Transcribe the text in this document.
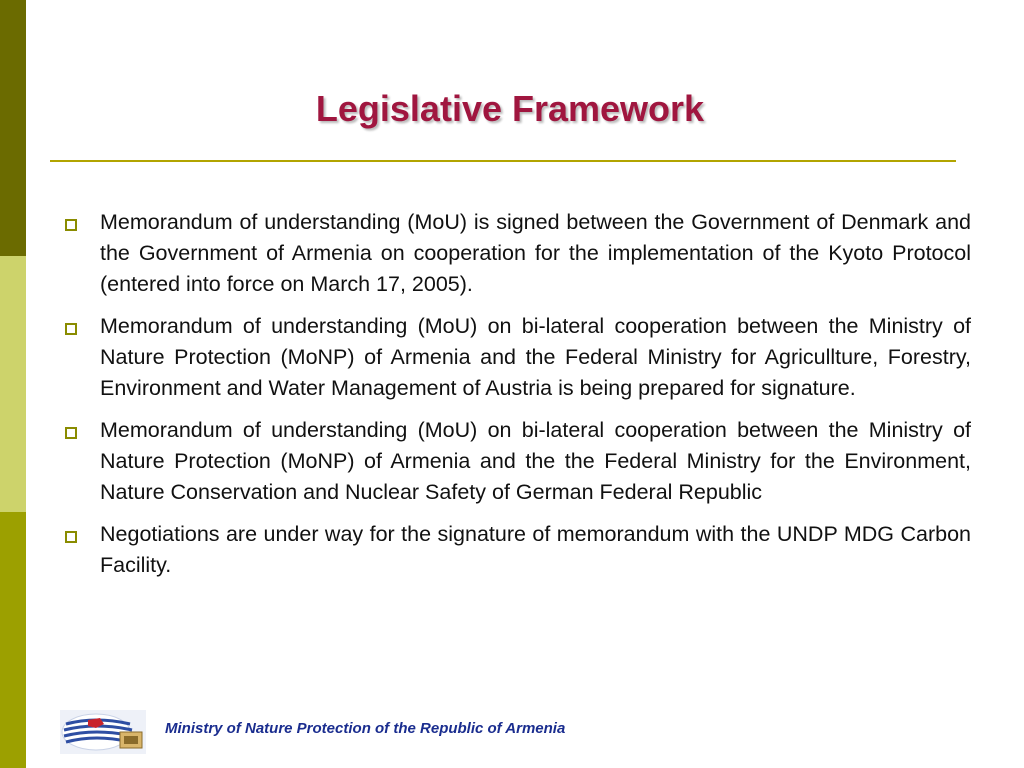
Legislative Framework
Memorandum of understanding (MoU) is signed between the Government of Denmark and the Government of Armenia on cooperation for the implementation of the Kyoto Protocol (entered into force on March 17, 2005).
Memorandum of understanding (MoU) on bi-lateral cooperation between the Ministry of Nature Protection (MoNP) of Armenia and the Federal Ministry for Agricullture, Forestry, Environment and Water Management of Austria is being prepared for signature.
Memorandum of understanding (MoU) on bi-lateral cooperation between the Ministry of Nature Protection (MoNP) of Armenia and the the Federal Ministry for the Environment, Nature Conservation and Nuclear Safety of German Federal Republic
Negotiations are under way for the signature of memorandum with the UNDP MDG Carbon Facility.
Ministry of Nature Protection of the Republic of Armenia
